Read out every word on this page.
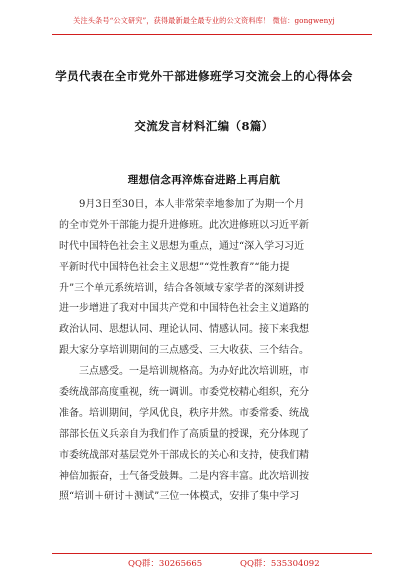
关注头条号“公文研究”，获得最新最全最专业的公文资料库！ 微信：gongwenyj
学员代表在全市党外干部进修班学习交流会上的心得体会
交流发言材料汇编（8篇）
理想信念再淬炼奋进路上再启航
9月3日至30日，本人非常荣幸地参加了为期一个月
的全市党外干部能力提升进修班。此次进修班以习近平新
时代中国特色社会主义思想为重点，通过“深入学习习近
平新时代中国特色社会主义思想”“党性教育”“能力提
升”三个单元系统培训，结合各领域专家学者的深刻讲授
进一步增进了我对中国共产党和中国特色社会主义道路的
政治认同、思想认同、理论认同、情感认同。接下来我想
跟大家分享培训期间的三点感受、三大收获、三个结合。
三点感受。一是培训规格高。为办好此次培训班，市
委统战部高度重视，统一调训。市委党校精心组织，充分
准备。培训期间，学风优良，秩序井然。市委常委、统战
部部长伍义兵亲自为我们作了高质量的授课，充分体现了
市委统战部对基层党外干部成长的关心和支持，使我们精
神倍加振奋，士气备受鼓舞。二是内容丰富。此次培训按
照“培训＋研讨＋测试”三位一体模式，安排了集中学习
QQ群：30265665	QQ群：535304092
